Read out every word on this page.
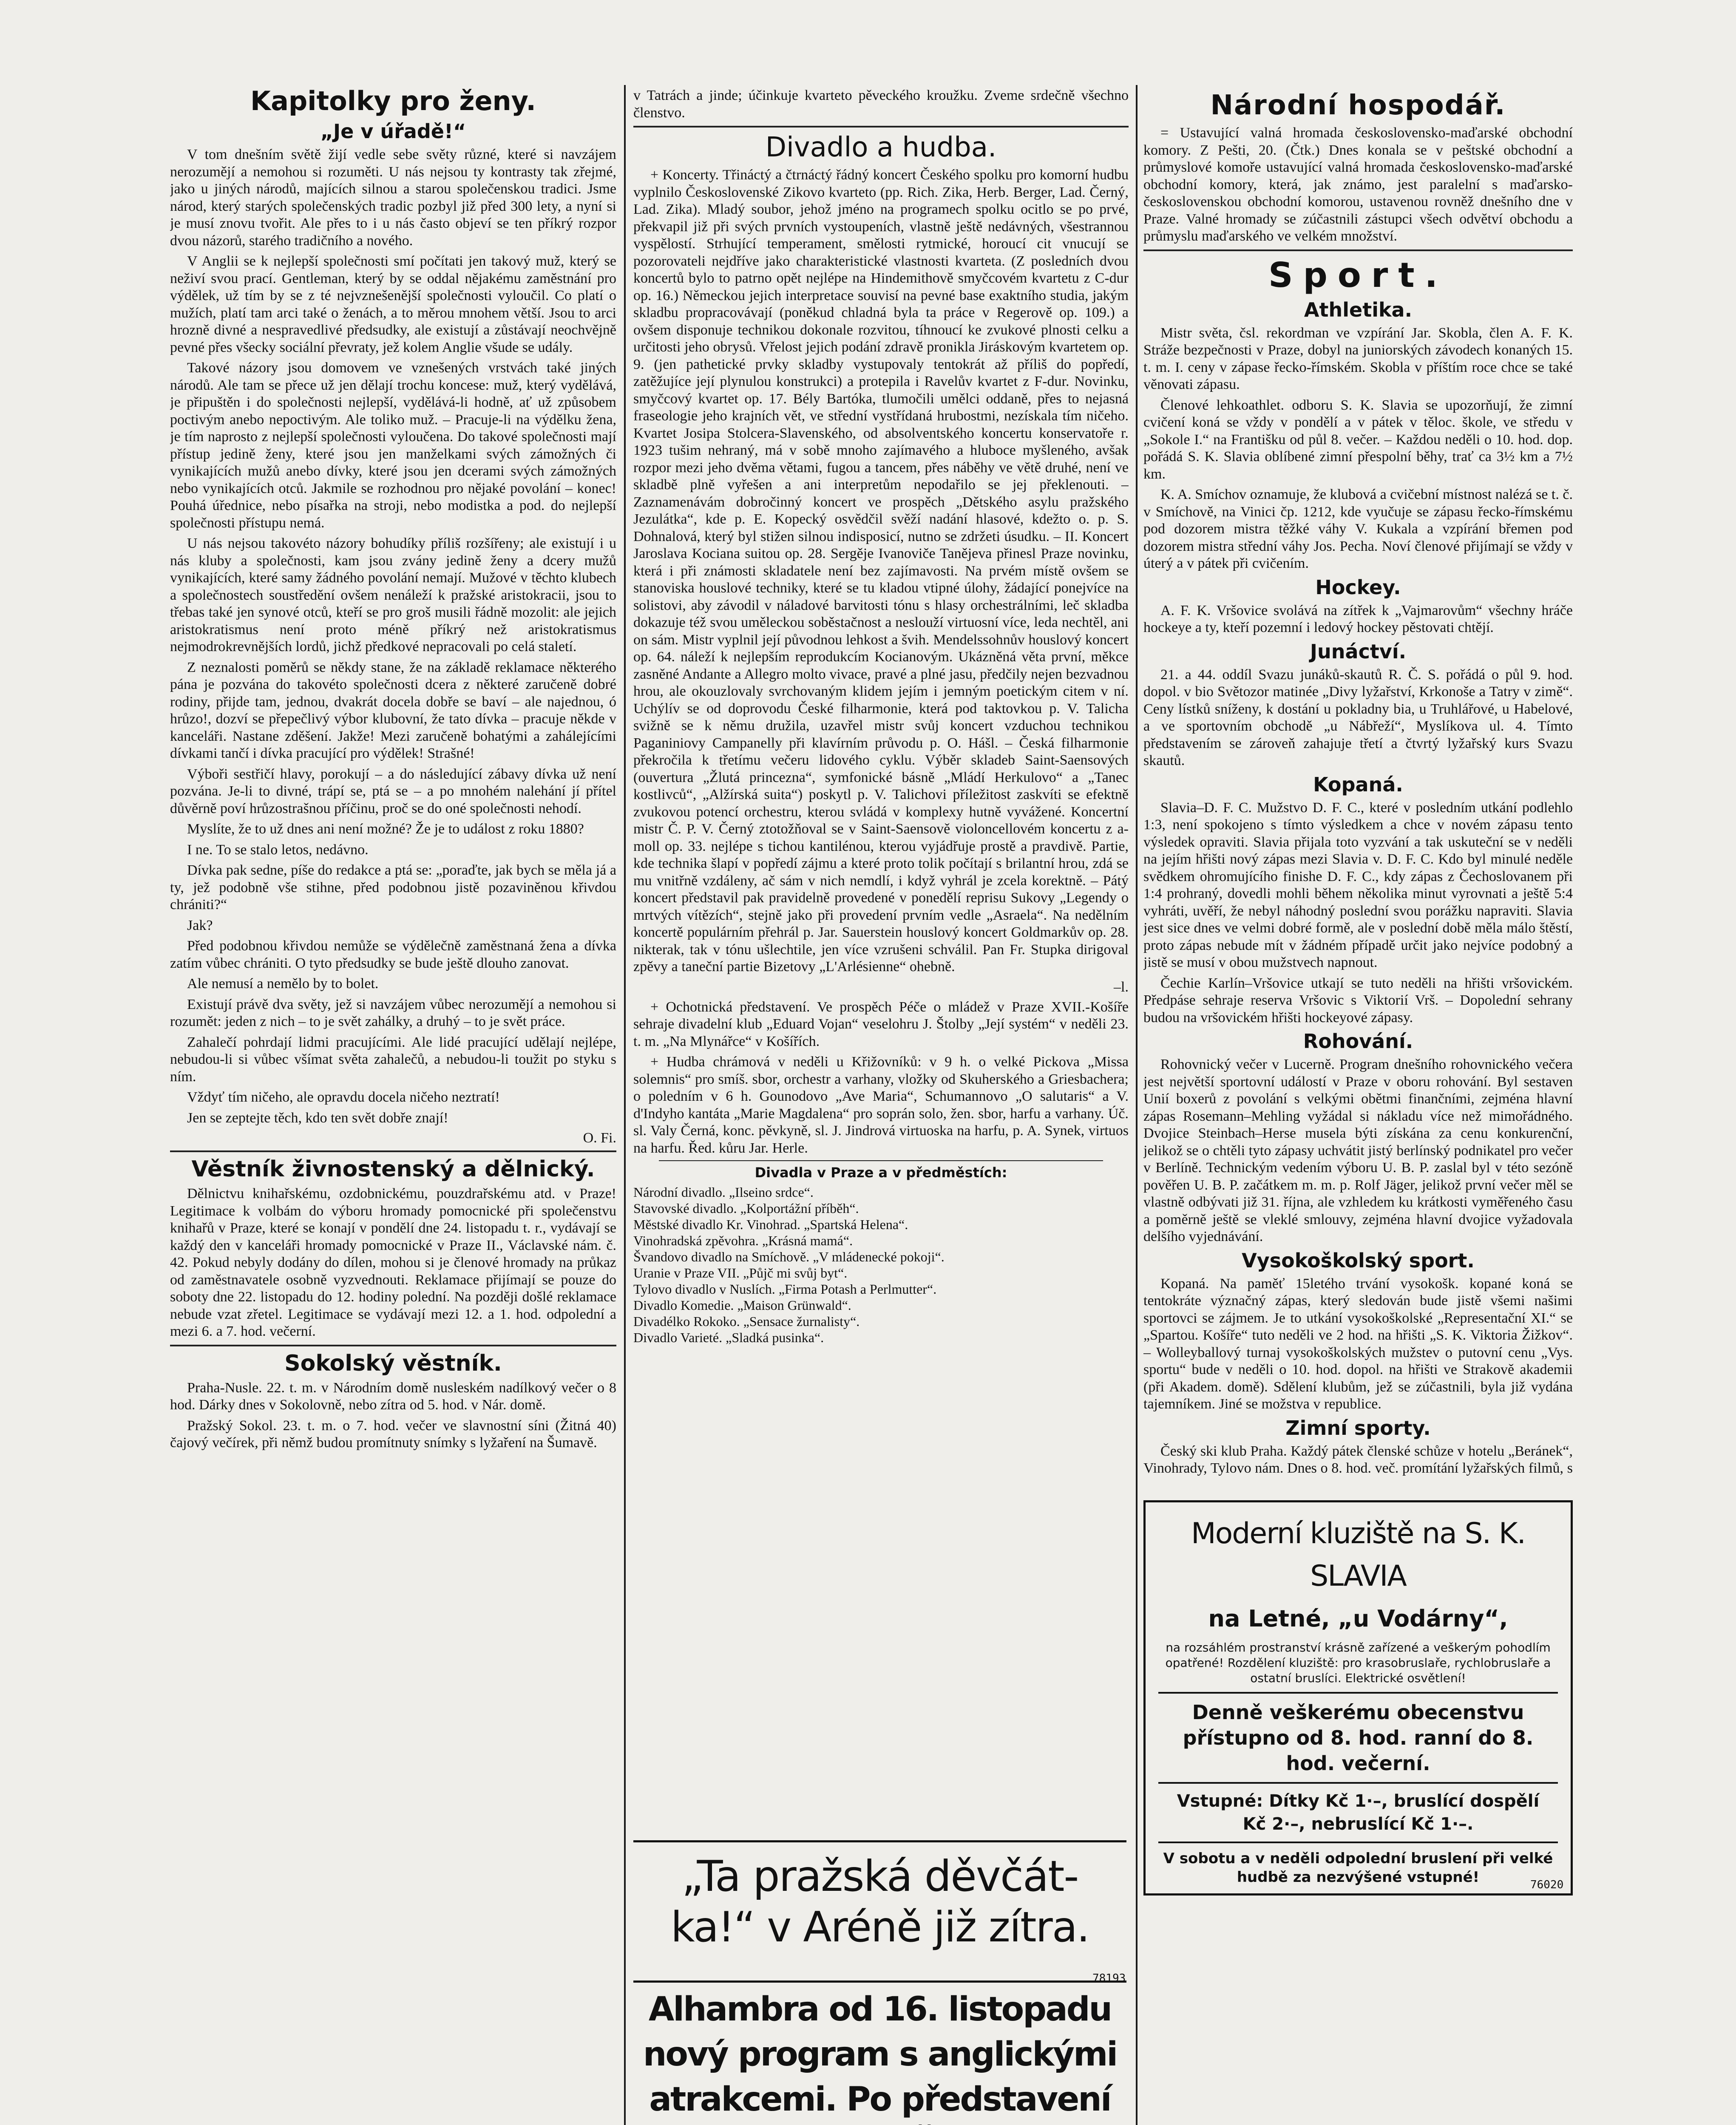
Kapitolky pro ženy.
„Je v úřadě!“

V tom dnešním světě žijí vedle sebe světy různé, které si navzájem nerozumějí a nemohou si rozuměti. U nás nejsou ty kontrasty tak zřejmé, jako u jiných národů, majících silnou a starou společenskou tradici. Jsme národ, který starých společenských tradic pozbyl již před 300 lety, a nyní si je musí znovu tvořit. Ale přes to i u nás často objeví se ten příkrý rozpor dvou názorů, starého tradičního a nového.

V Anglii se k nejlepší společnosti smí počítati jen takový muž, který se neživí svou prací. Gentleman, který by se oddal nějakému zaměstnání pro výdělek, už tím by se z té nejvznešenější společnosti vyloučil. Co platí o mužích, platí tam arci také o ženách, a to měrou mnohem větší. Jsou to arci hrozně divné a nespravedlivé předsudky, ale existují a zůstávají neochvějně pevné přes všecky sociální převraty, jež kolem Anglie všude se udály.

Takové názory jsou domovem ve vznešených vrstvách také jiných národů. Ale tam se přece už jen dělají trochu koncese: muž, který vydělává, je připuštěn i do společnosti nejlepší, vydělává-li hodně, ať už způsobem poctivým anebo nepoctivým. Ale toliko muž. – Pracuje-li na výdělku žena, je tím naprosto z nejlepší společnosti vyloučena. Do takové společnosti mají přístup jedině ženy, které jsou jen manželkami svých zámožných či vynikajících mužů anebo dívky, které jsou jen dcerami svých zámožných nebo vynikajících otců. Jakmile se rozhodnou pro nějaké povolání – konec! Pouhá úřednice, nebo písařka na stroji, nebo modistka a pod. do nejlepší společnosti přístupu nemá.

U nás nejsou takovéto názory bohudíky příliš rozšířeny; ale existují i u nás kluby a společnosti, kam jsou zvány jedině ženy a dcery mužů vynikajících, které samy žádného povolání nemají. Mužové v těchto klubech a společnostech soustředění ovšem nenáleží k pražské aristokracii, jsou to třebas také jen synové otců, kteří se pro groš musili řádně mozolit: ale jejich aristokratismus není proto méně příkrý než aristokratismus nejmodrokrevnějších lordů, jichž předkové nepracovali po celá staletí.

Z neznalosti poměrů se někdy stane, že na základě reklamace některého pána je pozvána do takovéto společnosti dcera z některé zaručeně dobré rodiny, přijde tam, jednou, dvakrát docela dobře se baví – ale najednou, ó hrůzo!, dozví se přepečlivý výbor klubovní, že tato dívka – pracuje někde v kanceláři. Nastane zděšení. Jakže! Mezi zaručeně bohatými a zahálejícími dívkami tančí i dívka pracující pro výdělek! Strašné!

Výboři sestřičí hlavy, porokují – a do následující zábavy dívka už není pozvána. Je-li to divné, trápí se, ptá se – a po mnohém nalehání jí přítel důvěrně poví hrůzostrašnou příčinu, proč se do oné společnosti nehodí.

Myslíte, že to už dnes ani není možné? Že je to událost z roku 1880?

I ne. To se stalo letos, nedávno.

Dívka pak sedne, píše do redakce a ptá se: „poraďte, jak bych se měla já a ty, jež podobně vše stihne, před podobnou jistě pozaviněnou křivdou chrániti?“

Jak?

Před podobnou křivdou nemůže se výdělečně zaměstnaná žena a dívka zatím vůbec chrániti. O tyto předsudky se bude ještě dlouho zanovat.

Ale nemusí a nemělo by to bolet.

Existují právě dva světy, jež si navzájem vůbec nerozumějí a nemohou si rozumět: jeden z nich – to je svět zahálky, a druhý – to je svět práce.

Zahalečí pohrdají lidmi pracujícími. Ale lidé pracující udělají nejlépe, nebudou-li si vůbec všímat světa zahalečů, a nebudou-li toužit po styku s ním.

Vždyť tím ničeho, ale opravdu docela ničeho neztratí!

Jen se zeptejte těch, kdo ten svět dobře znají!

O. Fi.
Věstník živnostenský a dělnický.

Dělnictvu knihařskému, ozdobnickému, pouzdrařskému atd. v Praze! Legitimace k volbám do výboru hromady pomocnické při společenstvu knihařů v Praze, které se konají v pondělí dne 24. listopadu t. r., vydávají se každý den v kanceláři hromady pomocnické v Praze II., Václavské nám. č. 42. Pokud nebyly dodány do dílen, mohou si je členové hromady na průkaz od zaměstnavatele osobně vyzvednouti. Reklamace přijímají se pouze do soboty dne 22. listopadu do 12. hodiny polední. Na později došlé reklamace nebude vzat zřetel. Legitimace se vydávají mezi 12. a 1. hod. odpolední a mezi 6. a 7. hod. večerní.

Sokolský věstník.

Praha-Nusle. 22. t. m. v Národním domě nusleském nadílkový večer o 8 hod. Dárky dnes v Sokolovně, nebo zítra od 5. hod. v Nár. domě.

Pražský Sokol. 23. t. m. o 7. hod. večer ve slavnostní síni (Žitná 40) čajový večírek, při němž budou promítnuty snímky s lyžaření na Šumavě.

v Tatrách a jinde; účinkuje kvarteto pěveckého kroužku. Zveme srdečně všechno členstvo.

Divadlo a hudba.

+ Koncerty. Třináctý a čtrnáctý řádný koncert Českého spolku pro komorní hudbu vyplnilo Československé Zikovo kvarteto (pp. Rich. Zika, Herb. Berger, Lad. Černý, Lad. Zika). Mladý soubor, jehož jméno na programech spolku ocitlo se po prvé, překvapil již při svých prvních vystoupeních, vlastně ještě nedávných, všestrannou vyspělostí. Strhující temperament, smělosti rytmické, horoucí cit vnucují se pozorovateli nejdříve jako charakteristické vlastnosti kvarteta. (Z posledních dvou koncertů bylo to patrno opět nejlépe na Hindemithově smyčcovém kvartetu z C-dur op. 16.) Německou jejich interpretace souvisí na pevné base exaktního studia, jakým skladbu propracovávají (poněkud chladná byla ta práce v Regerově op. 109.) a ovšem disponuje technikou dokonale rozvitou, tíhnoucí ke zvukové plnosti celku a určitosti jeho obrysů. Vřelost jejich podání zdravě pronikla Jiráskovým kvartetem op. 9. (jen pathetické prvky skladby vystupovaly tentokrát až příliš do popředí, zatěžujíce její plynulou konstrukci) a protepila i Ravelův kvartet z F-dur. Novinku, smyčcový kvartet op. 17. Bély Bartóka, tlumočili umělci oddaně, přes to nejasná fraseologie jeho krajních vět, ve střední vystřídaná hrubostmi, nezískala tím ničeho. Kvartet Josipa Stolcera-Slavenského, od absolventského koncertu konservatoře r. 1923 tušim nehraný, má v sobě mnoho zajímavého a hluboce myšleného, avšak rozpor mezi jeho dvěma větami, fugou a tancem, přes náběhy ve větě druhé, není ve skladbě plně vyřešen a ani interpretům nepodařilo se jej překlenouti. – Zaznamenávám dobročinný koncert ve prospěch „Dětského asylu pražského Jezulátka“, kde p. E. Kopecký osvědčil svěží nadání hlasové, kdežto o. p. S. Dohnalová, který byl stižen silnou indisposicí, nutno se zdržeti úsudku. – II. Koncert Jaroslava Kociana suitou op. 28. Sergěje Ivanoviče Tanějeva přinesl Praze novinku, která i při známosti skladatele není bez zajímavosti. Na prvém místě ovšem se stanoviska houslové techniky, které se tu kladou vtipné úlohy, žádající ponejvíce na solistovi, aby závodil v náladové barvitosti tónu s hlasy orchestrálními, leč skladba dokazuje též svou uměleckou soběstačnost a neslouží virtuosní více, leda nechtěl, ani on sám. Mistr vyplnil její původnou lehkost a švih. Mendelssohnův houslový koncert op. 64. náleží k nejlepším reprodukcím Kocianovým. Ukázněná věta první, měkce zasněné Andante a Allegro molto vivace, pravé a plné jasu, předčily nejen bezvadnou hrou, ale okouzlovaly svrchovaným klidem jejím i jemným poetickým citem v ní. Uchýlív se od doprovodu České filharmonie, která pod taktovkou p. V. Talicha svižně se k němu družila, uzavřel mistr svůj koncert vzduchou technikou Paganiniovy Campanelly při klavírním průvodu p. O. Hášl. – Česká filharmonie překročila k třetímu večeru lidového cyklu. Výběr skladeb Saint-Saensových (ouvertura „Žlutá princezna“, symfonické básně „Mládí Herkulovo“ a „Tanec kostlivců“, „Alžírská suita“) poskytl p. V. Talichovi příležitost zaskvíti se efektně zvukovou potencí orchestru, kterou svládá v komplexy hutně vyvážené. Koncertní mistr Č. P. V. Černý ztotožňoval se v Saint-Saensově violoncellovém koncertu z a-moll op. 33. nejlépe s tichou kantilénou, kterou vyjádřuje prostě a pravdivě. Partie, kde technika šlapí v popředí zájmu a které proto tolik počítají s brilantní hrou, zdá se mu vnitřně vzdáleny, ač sám v nich nemdlí, i když vyhrál je zcela korektně. – Pátý koncert představil pak pravidelně provedené v ponedělí reprisu Sukovy „Legendy o mrtvých vítězích“, stejně jako při provedení prvním vedle „Asraela“. Na nedělním koncertě populárním přehrál p. Jar. Sauerstein houslový koncert Goldmarkův op. 28. nikterak, tak v tónu ušlechtile, jen více vzrušeni schválil. Pan Fr. Stupka dirigoval zpěvy a taneční partie Bizetovy „L'Arlésienne“ ohebně.

–l.

+ Ochotnická představení. Ve prospěch Péče o mládež v Praze XVII.-Košíře sehraje divadelní klub „Eduard Vojan“ veselohru J. Štolby „Její systém“ v neděli 23. t. m. „Na Mlynářce“ v Košířích.

+ Hudba chrámová v neděli u Křižovníků: v 9 h. o velké Pickova „Missa solemnis“ pro smíš. sbor, orchestr a varhany, vložky od Skuherského a Griesbachera; o poledním v 6 h. Gounodovo „Ave Maria“, Schumannovo „O salutaris“ a V. d'Indyho kantáta „Marie Magdalena“ pro soprán solo, žen. sbor, harfu a varhany. Úč. sl. Valy Černá, konc. pěvkyně, sl. J. Jindrová virtuoska na harfu, p. A. Synek, virtuos na harfu. Řed. kůru Jar. Herle.

Divadla v Praze a v předměstích:

Národní divadlo. „Ilseino srdce“.

Stavovské divadlo. „Kolportážní příběh“.

Městské divadlo Kr. Vinohrad. „Spartská Helena“.

Vinohradská zpěvohra. „Krásná mamá“.

Švandovo divadlo na Smíchově. „V mládenecké pokoji“.

Uranie v Praze VII. „Půjč mi svůj byt“.

Tylovo divadlo v Nuslích. „Firma Potash a Perlmutter“.

Divadlo Komedie. „Maison Grünwald“.

Divadélko Rokoko. „Sensace žurnalisty“.

Divadlo Varieté. „Sladká pusinka“.

„Ta pražská děvčát-
ka!“ v Aréně již zítra.
78193
Alhambra od 16. listopadu
nový program s anglickými
atrakcemi. Po představení
Národní hospodář.

= Ustavující valná hromada československo-maďarské obchodní komory. Z Pešti, 20. (Čtk.) Dnes konala se v peštské obchodní a průmyslové komoře ustavující valná hromada československo-maďarské obchodní komory, která, jak známo, jest paralelní s maďarsko-československou obchodní komorou, ustavenou rovněž dnešního dne v Praze. Valné hromady se zúčastnili zástupci všech odvětví obchodu a průmyslu maďarského ve velkém množství.

Sport.
Athletika.

Mistr světa, čsl. rekordman ve vzpírání Jar. Skobla, člen A. F. K. Stráže bezpečnosti v Praze, dobyl na juniorských závodech konaných 15. t. m. I. ceny v zápase řecko-římském. Skobla v příštím roce chce se také věnovati zápasu.

Členové lehkoathlet. odboru S. K. Slavia se upozorňují, že zimní cvičení koná se vždy v pondělí a v pátek v těloc. škole, ve středu v „Sokole I.“ na Františku od půl 8. večer. – Každou neděli o 10. hod. dop. pořádá S. K. Slavia oblíbené zimní přespolní běhy, trať ca 3½ km a 7½ km.

K. A. Smíchov oznamuje, že klubová a cvičební místnost nalézá se t. č. v Smíchově, na Vinici čp. 1212, kde vyučuje se zápasu řecko-římskému pod dozorem mistra těžké váhy V. Kukala a vzpírání břemen pod dozorem mistra střední váhy Jos. Pecha. Noví členové přijímají se vždy v úterý a v pátek při cvičením.

Hockey.

A. F. K. Vršovice svolává na zítřek k „Vajmarovům“ všechny hráče hockeye a ty, kteří pozemní i ledový hockey pěstovati chtějí.

Junáctví.

21. a 44. oddíl Svazu junáků-skautů R. Č. S. pořádá o půl 9. hod. dopol. v bio Světozor matinée „Divy lyžařství, Krkonoše a Tatry v zimě“. Ceny lístků sníženy, k dostání u pokladny bia, u Truhlářové, u Habelové, a ve sportovním obchodě „u Nábřeží“, Myslíkova ul. 4. Tímto představením se zároveň zahajuje třetí a čtvrtý lyžařský kurs Svazu skautů.

Kopaná.

Slavia–D. F. C. Mužstvo D. F. C., které v posledním utkání podlehlo 1:3, není spokojeno s tímto výsledkem a chce v novém zápasu tento výsledek opraviti. Slavia přijala toto vyzvání a tak uskuteční se v neděli na jejím hřišti nový zápas mezi Slavia v. D. F. C. Kdo byl minulé neděle svědkem ohromujícího finishe D. F. C., kdy zápas z Čechoslovanem při 1:4 prohraný, dovedli mohli během několika minut vyrovnati a ještě 5:4 vyhráti, uvěří, že nebyl náhodný poslední svou porážku napraviti. Slavia jest sice dnes ve velmi dobré formě, ale v poslední době měla málo štěstí, proto zápas nebude mít v žádném případě určit jako nejvíce podobný a jistě se musí v obou mužstvech napnout.

Čechie Karlín–Vršovice utkají se tuto neděli na hřišti vršovickém. Předpáse sehraje reserva Vršovic s Viktorií Vrš. – Dopolední sehrany budou na vršovickém hřišti hockeyové zápasy.

Rohování.

Rohovnický večer v Lucerně. Program dnešního rohovnického večera jest největší sportovní událostí v Praze v oboru rohování. Byl sestaven Unií boxerů z povolání s velkými obětmi finančními, zejména hlavní zápas Rosemann–Mehling vyžádal si nákladu více než mimořádného. Dvojice Steinbach–Herse musela býti získána za cenu konkurenční, jelikož se o chtěli tyto zápasy uchvátit jistý berlínský podnikatel pro večer v Berlíně. Technickým vedením výboru U. B. P. zaslal byl v této sezóně pověřen U. B. P. začátkem m. m. p. Rolf Jäger, jelikož první večer měl se vlastně odbývati již 31. října, ale vzhledem ku krátkosti vyměřeného času a poměrně ještě se vleklé smlouvy, zejména hlavní dvojice vyžadovala delšího vyjednávání.

Vysokoškolský sport.

Kopaná. Na paměť 15letého trvání vysokošk. kopané koná se tentokráte význačný zápas, který sledován bude jistě všemi našimi sportovci se zájmem. Je to utkání vysokoškolské „Representační XI.“ se „Spartou. Košíře“ tuto neděli ve 2 hod. na hřišti „S. K. Viktoria Žižkov“. – Wolleyballový turnaj vysokoškolských mužstev o putovní cenu „Vys. sportu“ bude v neděli o 10. hod. dopol. na hřišti ve Strakově akademii (při Akadem. domě). Sdělení klubům, jež se zúčastnili, byla již vydána tajemníkem. Jiné se možstva v republice.

Zimní sporty.

Český ski klub Praha. Každý pátek členské schůze v hotelu „Beránek“, Vinohrady, Tylovo nám. Dnes o 8. hod. več. promítání lyžařských filmů, s

Moderní kluziště na S. K. SLAVIA
na Letné, „u Vodárny“,
na rozsáhlém prostranství krásně zařízené a veškerým pohodlím opatřené! Rozdělení kluziště: pro krasobruslaře, rychlobruslaře a ostatní bruslíci. Elektrické osvětlení!
Denně veškerému obecenstvu přístupno od 8. hod. ranní do 8. hod. večerní.
Vstupné: Dítky Kč 1·–, bruslící dospělí
Kč 2·–, nebruslící Kč 1·–.
V sobotu a v neděli odpolední bruslení při velké hudbě za nezvýšené vstupné!	76020
